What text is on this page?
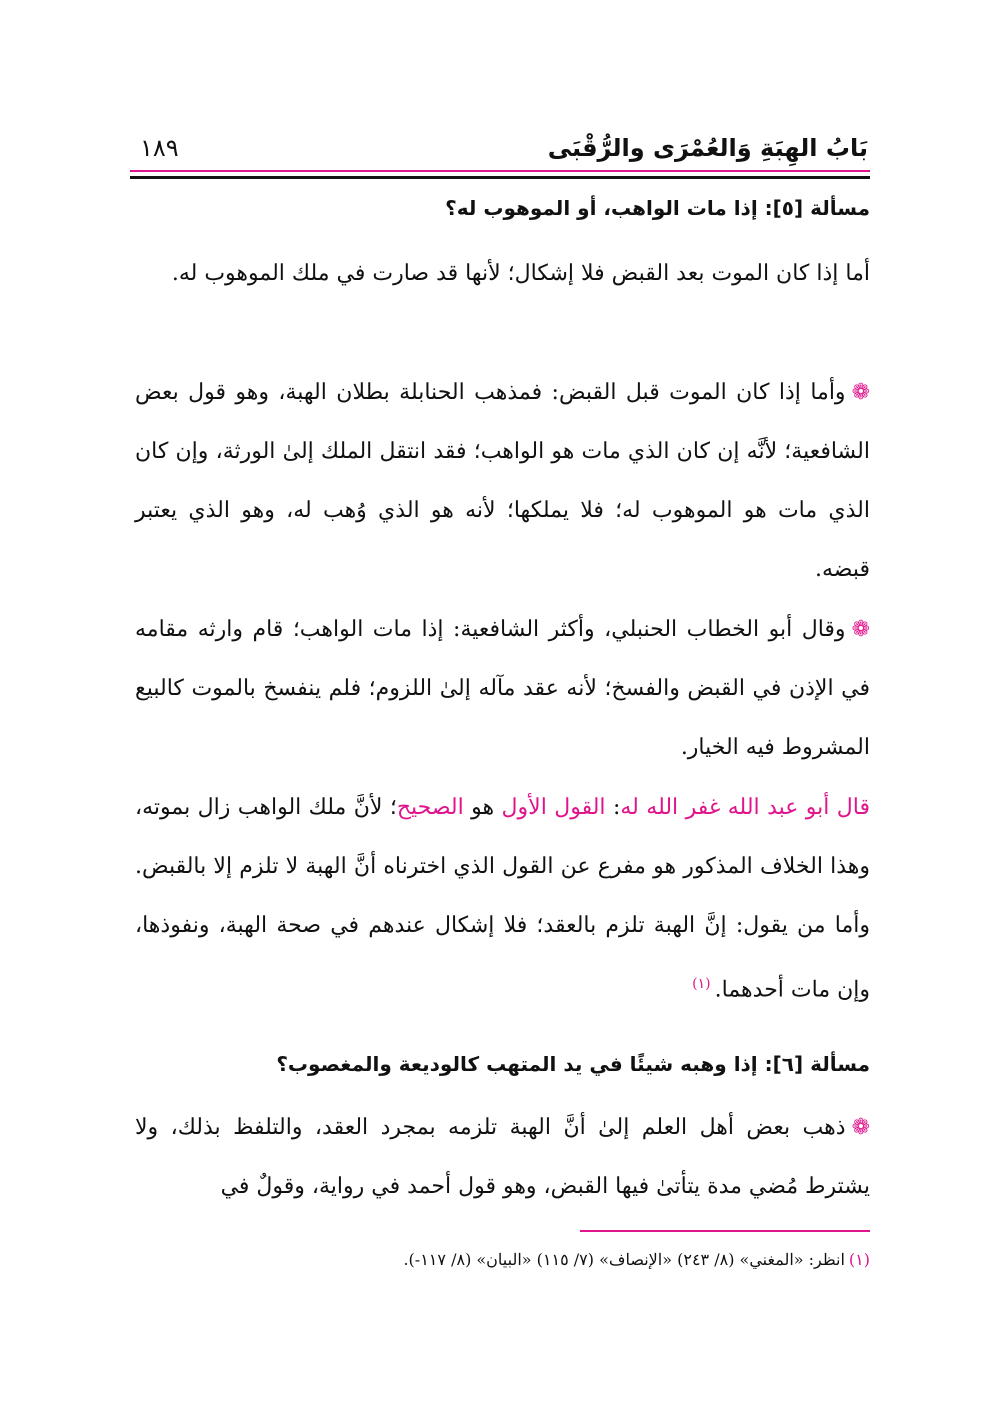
بَابُ الهِبَةِ وَالعُمْرَى والرُّقْبَى
١٨٩
مسألة [٥]: إذا مات الواهب، أو الموهوب له؟

أما إذا كان الموت بعد القبض فلا إشكال؛ لأنها قد صارت في ملك الموهوب له.

❁وأما إذا كان الموت قبل القبض: فمذهب الحنابلة بطلان الهبة، وهو قول بعض الشافعية؛ لأنَّه إن كان الذي مات هو الواهب؛ فقد انتقل الملك إلىٰ الورثة، وإن كان الذي مات هو الموهوب له؛ فلا يملكها؛ لأنه هو الذي وُهب له، وهو الذي يعتبر قبضه.

❁وقال أبو الخطاب الحنبلي، وأكثر الشافعية: إذا مات الواهب؛ قام وارثه مقامه في الإذن في القبض والفسخ؛ لأنه عقد مآله إلىٰ اللزوم؛ فلم ينفسخ بالموت كالبيع المشروط فيه الخيار.

قال أبو عبد الله غفر الله له: القول الأول هو الصحيح؛ لأنَّ ملك الواهب زال بموته، وهذا الخلاف المذكور هو مفرع عن القول الذي اخترناه أنَّ الهبة لا تلزم إلا بالقبض. وأما من يقول: إنَّ الهبة تلزم بالعقد؛ فلا إشكال عندهم في صحة الهبة، ونفوذها، وإن مات أحدهما.$^{(١)}$

مسألة [٦]: إذا وهبه شيئًا في يد المتهب كالوديعة والمغصوب؟

❁ذهب بعض أهل العلم إلىٰ أنَّ الهبة تلزمه بمجرد العقد، والتلفظ بذلك، ولا يشترط مُضي مدة يتأتىٰ فيها القبض، وهو قول أحمد في رواية، وقولٌ في

(١)انظر: «المغني» (٨/ ٢٤٣) «الإنصاف» (٧/ ١١٥) «البيان» (٨/ ١١٧-).
